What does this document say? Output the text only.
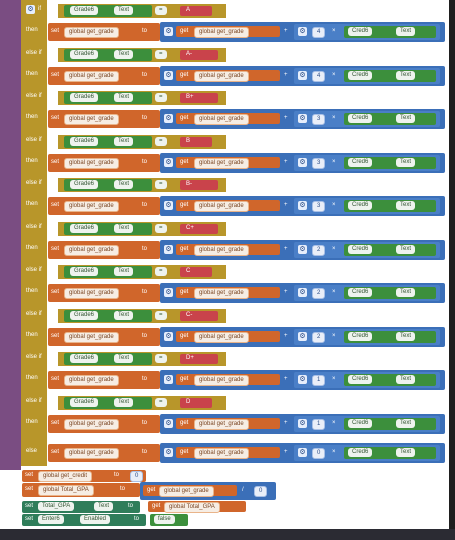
if
⚙	Grade6	Text	=	A
then set	global get_grade	to	⚙ get	global get_grade	+ ⚙	4	×	Cred6	Text
else if	Grade6	Text	=	A-
then set	global get_grade	to	⚙ get	global get_grade	+ ⚙	4	×	Cred6	Text
else if	Grade6	Text	=	B+
then set	global get_grade	to	⚙ get	global get_grade	+ ⚙	3	×	Cred6	Text
else if	Grade6	Text	=	B
then set	global get_grade	to	⚙ get	global get_grade	+ ⚙	3	×	Cred6	Text
else if	Grade6	Text	=	B-
then set	global get_grade	to	⚙ get	global get_grade	+ ⚙	3	×	Cred6	Text
else if	Grade6	Text	=	C+
then set	global get_grade	to	⚙ get	global get_grade	+ ⚙	2	×	Cred6	Text
else if	Grade6	Text	=	C
then set	global get_grade	to	⚙ get	global get_grade	+ ⚙	2	×	Cred6	Text
else if	Grade6	Text	=	C-
then set	global get_grade	to	⚙ get	global get_grade	+ ⚙	2	×	Cred6	Text
else if	Grade6	Text	=	D+
then set	global get_grade	to	⚙ get	global get_grade	+ ⚙	1	×	Cred6	Text
else if	Grade6	Text	=	D
then set	global get_grade	to	⚙ get	global get_grade	+ ⚙	1	×	Cred6	Text
else set	global get_grade	to	⚙ get	global get_grade	+ ⚙	0	×	Cred6	Text
set	global get_credit	to	0
set	global Total_GPA	to	get	global get_grade	/	0
set	Total_GPA	Text	to	get	global Total_GPA
set	Enter6	Enabled	to	false
